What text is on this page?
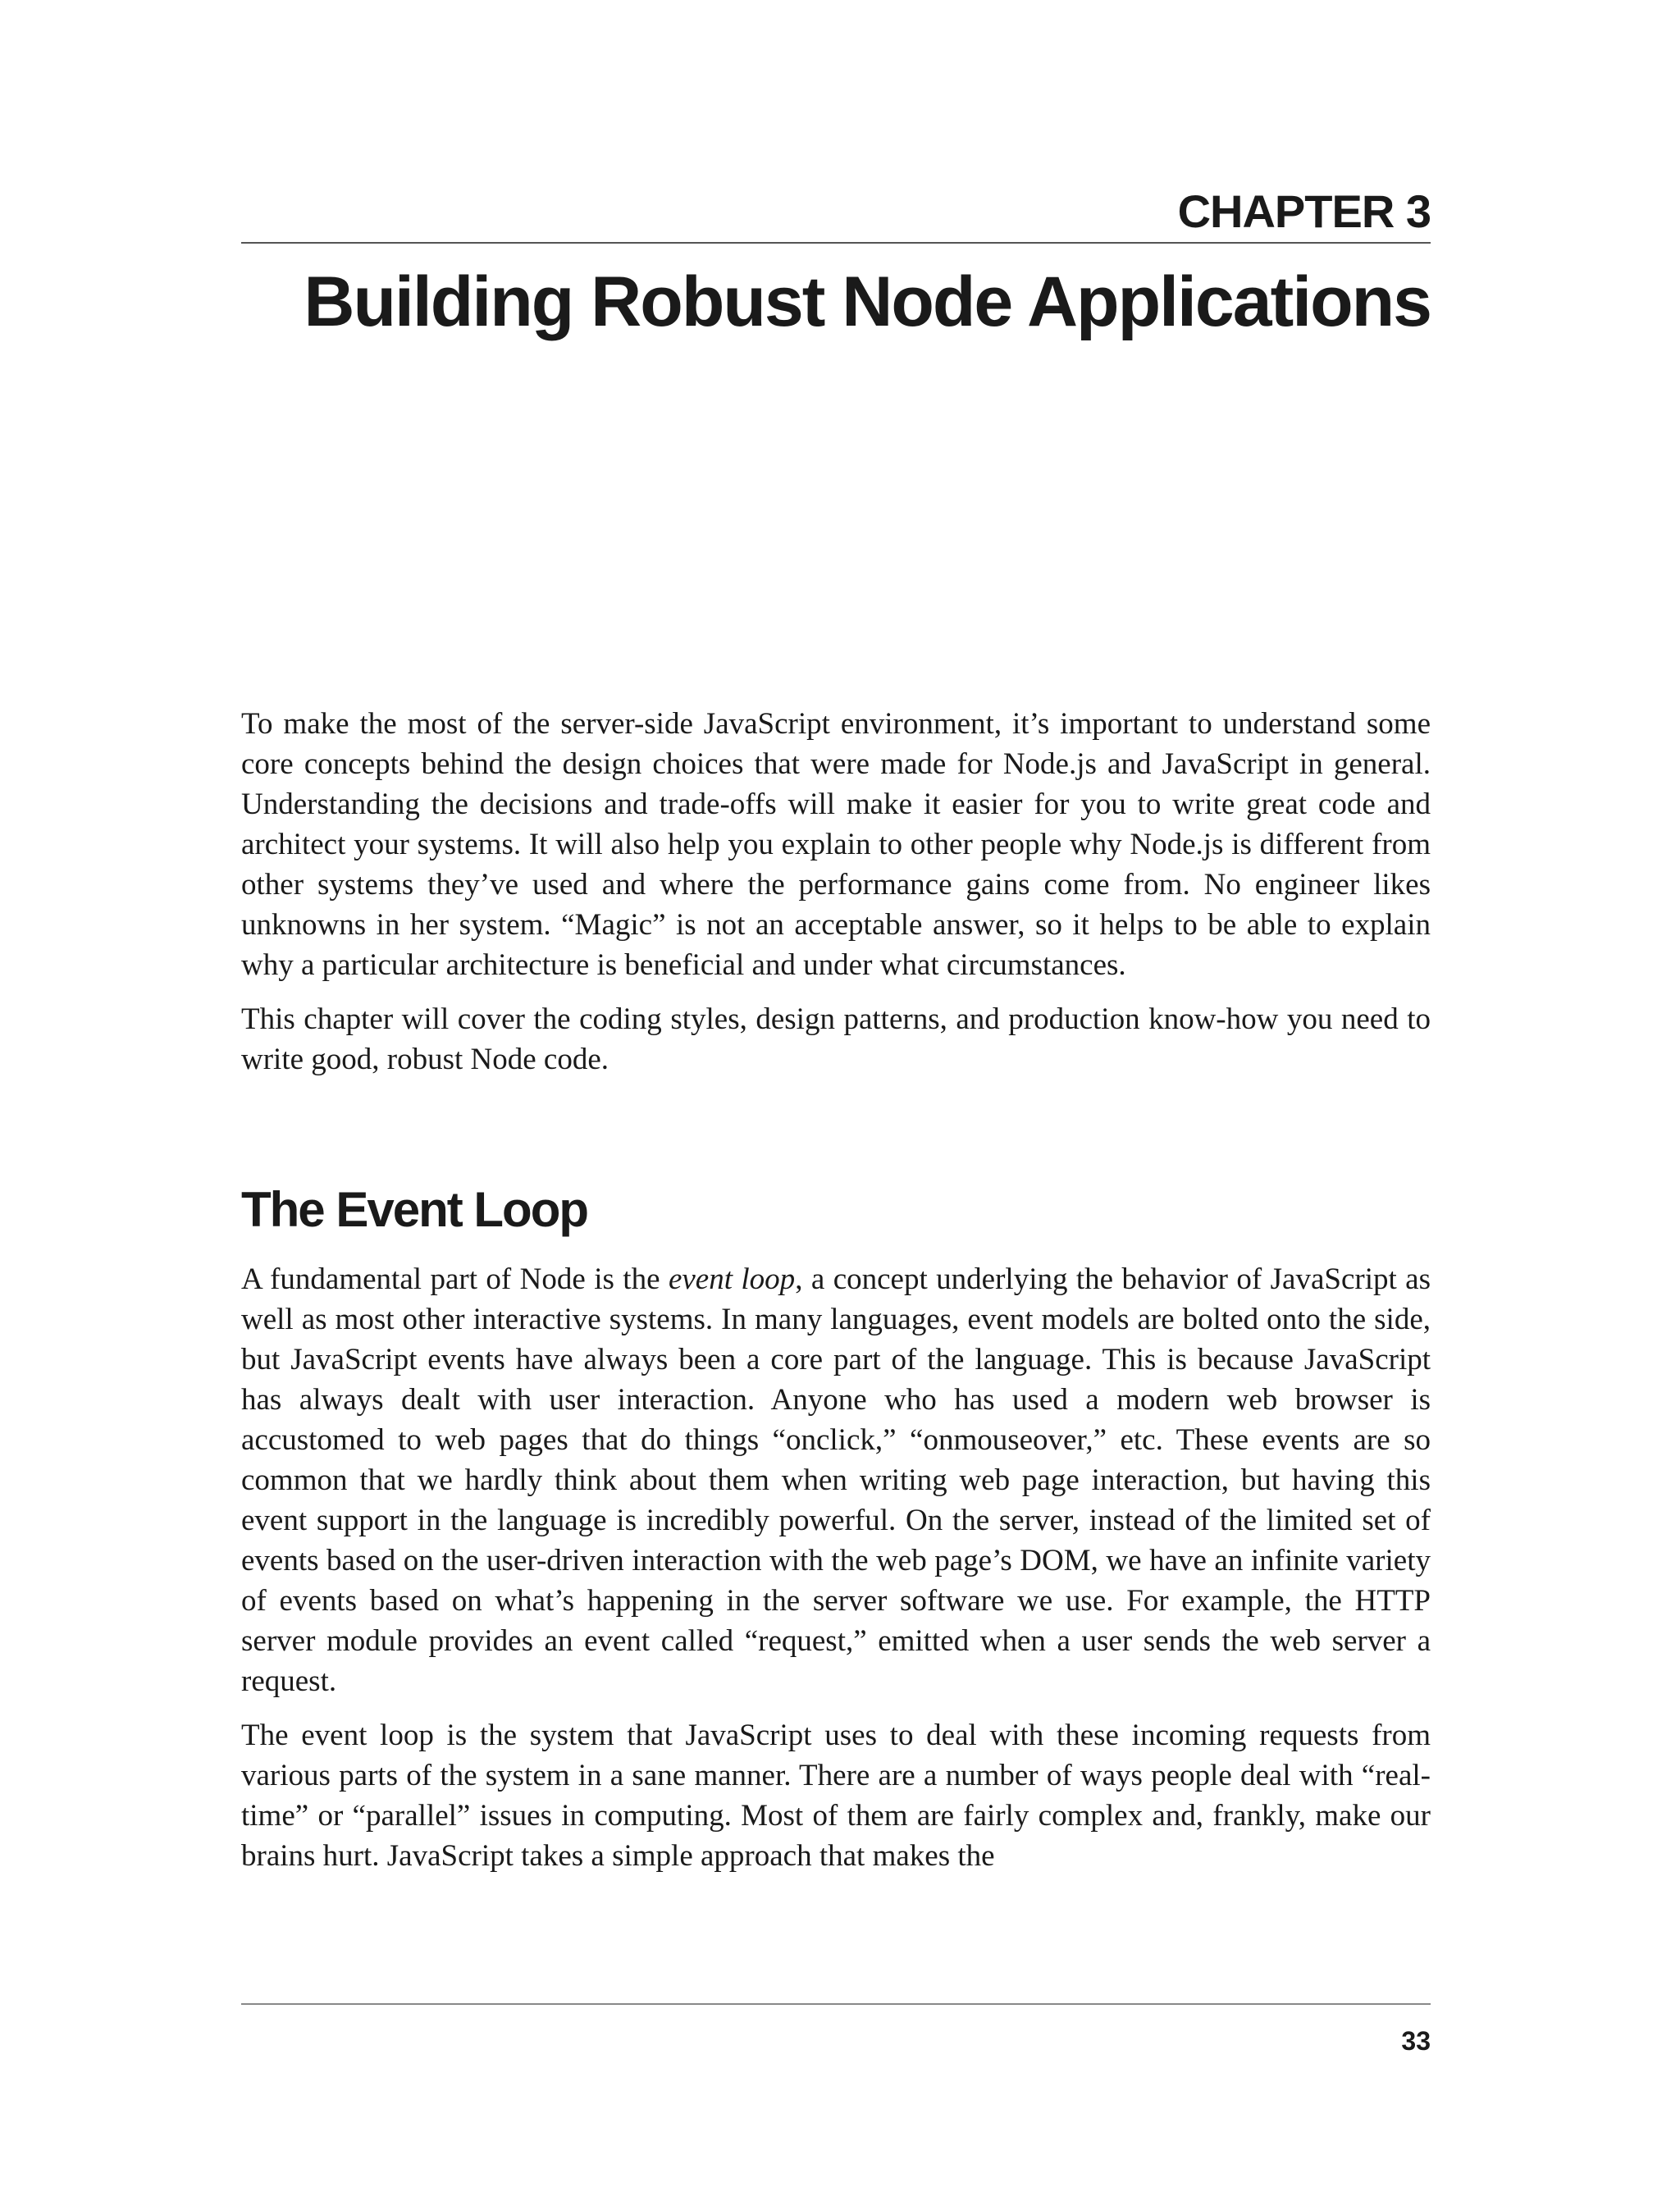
CHAPTER 3
Building Robust Node Applications

To make the most of the server-side JavaScript environment, it’s important to understand some core concepts behind the design choices that were made for Node.js and JavaScript in general. Understanding the decisions and trade-offs will make it easier for you to write great code and architect your systems. It will also help you explain to other people why Node.js is different from other systems they’ve used and where the performance gains come from. No engineer likes unknowns in her system. “Magic” is not an acceptable answer, so it helps to be able to explain why a particular architecture is beneficial and under what circumstances.

This chapter will cover the coding styles, design patterns, and production know-how you need to write good, robust Node code.

The Event Loop

A fundamental part of Node is the event loop, a concept underlying the behavior of JavaScript as well as most other interactive systems. In many languages, event models are bolted onto the side, but JavaScript events have always been a core part of the language. This is because JavaScript has always dealt with user interaction. Anyone who has used a modern web browser is accustomed to web pages that do things “onclick,” “onmouseover,” etc. These events are so common that we hardly think about them when writing web page interaction, but having this event support in the language is incredibly powerful. On the server, instead of the limited set of events based on the user-driven interaction with the web page’s DOM, we have an infinite variety of events based on what’s happening in the server software we use. For example, the HTTP server module provides an event called “request,” emitted when a user sends the web server a request.

The event loop is the system that JavaScript uses to deal with these incoming requests from various parts of the system in a sane manner. There are a number of ways people deal with “real-time” or “parallel” issues in computing. Most of them are fairly complex and, frankly, make our brains hurt. JavaScript takes a simple approach that makes the

33
